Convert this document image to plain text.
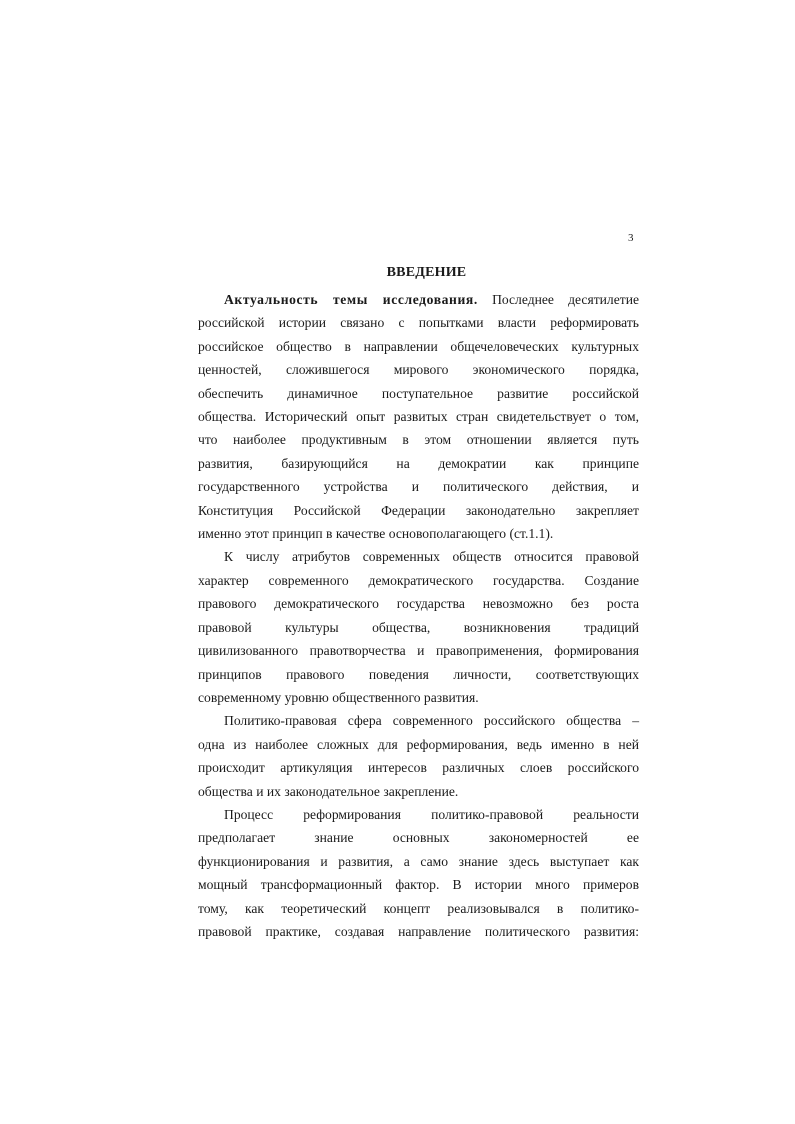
3
ВВЕДЕНИЕ

Актуальность темы исследования. Последнее десятилетие
российской истории связано с попытками власти реформировать
российское общество в направлении общечеловеческих культурных
ценностей, сложившегося мирового экономического порядка,
обеспечить динамичное поступательное развитие российской
общества. Исторический опыт развитых стран свидетельствует о том,
что наиболее продуктивным в этом отношении является путь
развития, базирующийся на демократии как принципе
государственного устройства и политического действия, и
Конституция Российской Федерации законодательно закрепляет
именно этот принцип в качестве основополагающего (ст.1.1).

К числу атрибутов современных обществ относится правовой
характер современного демократического государства. Создание
правового демократического государства невозможно без роста
правовой культуры общества, возникновения традиций
цивилизованного правотворчества и правоприменения, формирования
принципов правового поведения личности, соответствующих
современному уровню общественного развития.

Политико-правовая сфера современного российского общества –
одна из наиболее сложных для реформирования, ведь именно в ней
происходит артикуляция интересов различных слоев российского
общества и их законодательное закрепление.

Процесс реформирования политико-правовой реальности
предполагает знание основных закономерностей ее
функционирования и развития, а само знание здесь выступает как
мощный трансформационный фактор. В истории много примеров
тому, как теоретический концепт реализовывался в политико-
правовой практике, создавая направление политического развития:
